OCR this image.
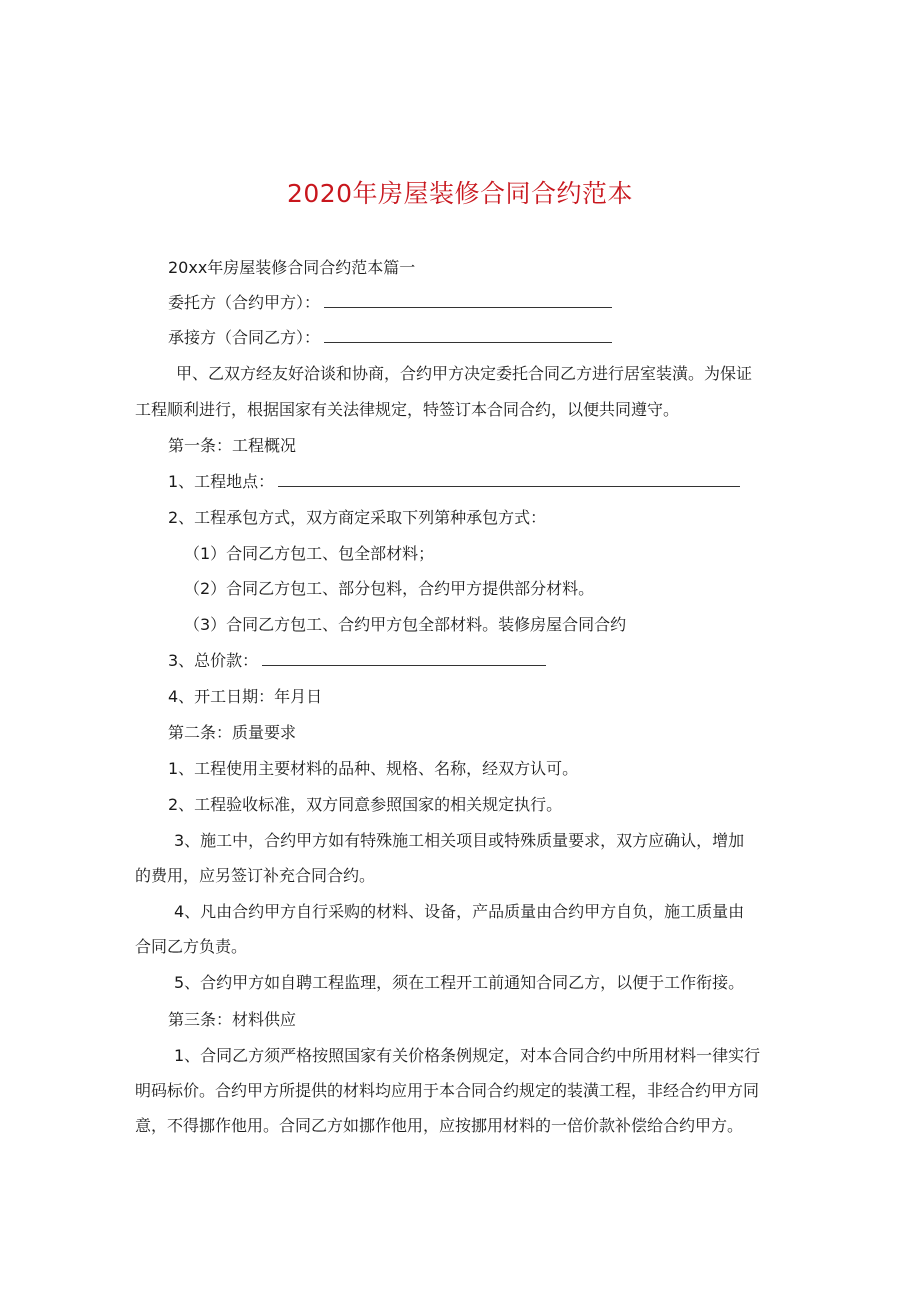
2020年房屋装修合同合约范本
20xx年房屋装修合同合约范本篇一
委托方（合约甲方）：
承接方（合同乙方）：
甲、乙双方经友好洽谈和协商，合约甲方决定委托合同乙方进行居室装潢。为保证
工程顺利进行，根据国家有关法律规定，特签订本合同合约，以便共同遵守。
第一条：工程概况
1、工程地点：
2、工程承包方式，双方商定采取下列第种承包方式：
（1）合同乙方包工、包全部材料；
（2）合同乙方包工、部分包料，合约甲方提供部分材料。
（3）合同乙方包工、合约甲方包全部材料。装修房屋合同合约
3、总价款：
4、开工日期：年月日
第二条：质量要求
1、工程使用主要材料的品种、规格、名称，经双方认可。
2、工程验收标准，双方同意参照国家的相关规定执行。
3、施工中，合约甲方如有特殊施工相关项目或特殊质量要求，双方应确认，增加
的费用，应另签订补充合同合约。
4、凡由合约甲方自行采购的材料、设备，产品质量由合约甲方自负，施工质量由
合同乙方负责。
5、合约甲方如自聘工程监理，须在工程开工前通知合同乙方，以便于工作衔接。
第三条：材料供应
1、合同乙方须严格按照国家有关价格条例规定，对本合同合约中所用材料一律实行
明码标价。合约甲方所提供的材料均应用于本合同合约规定的装潢工程，非经合约甲方同
意，不得挪作他用。合同乙方如挪作他用，应按挪用材料的一倍价款补偿给合约甲方。
